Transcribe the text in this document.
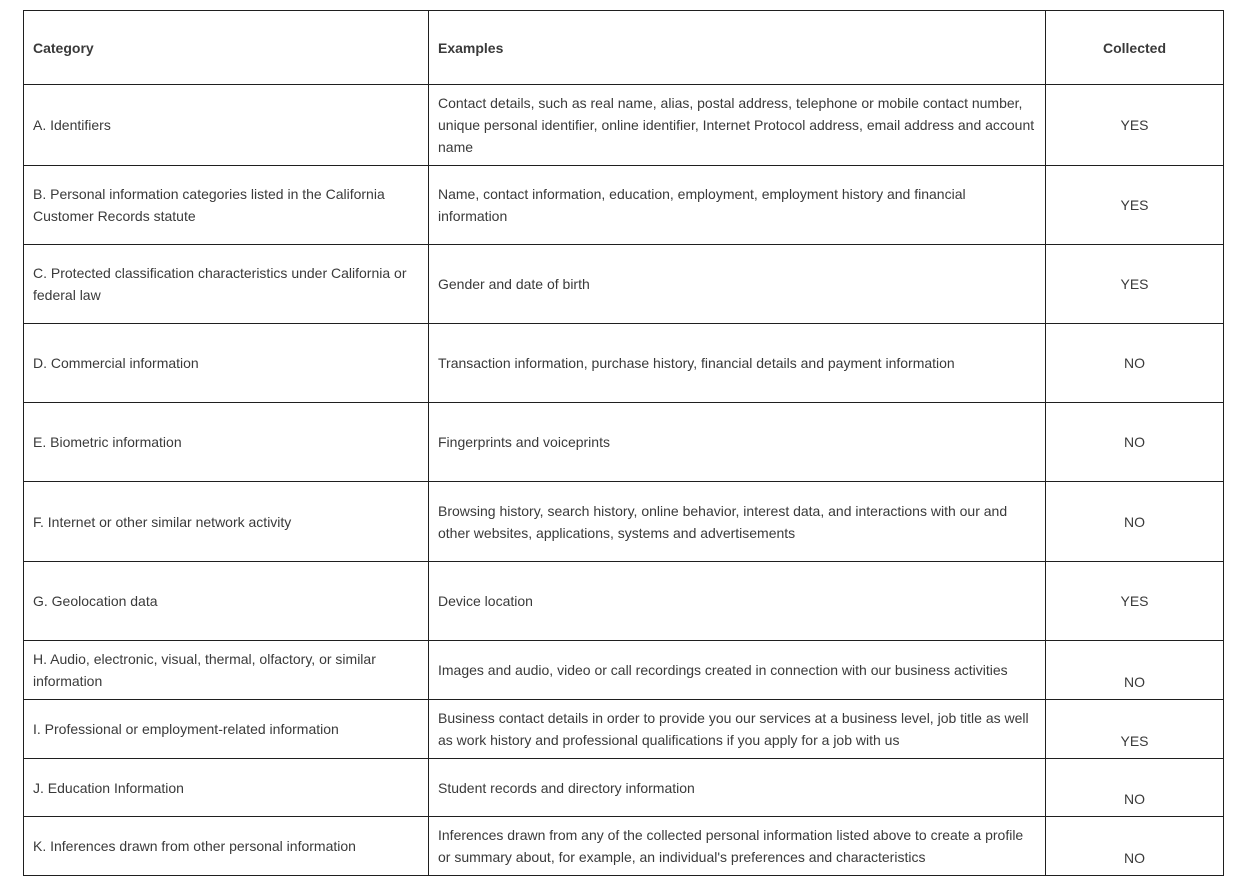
Category	Examples	Collected
A. Identifiers	Contact details, such as real name, alias, postal address, telephone or mobile contact number, unique personal identifier, online identifier, Internet Protocol address, email address and account name	YES
B. Personal information categories listed in the California Customer Records statute	Name, contact information, education, employment, employment history and financial information	YES
C. Protected classification characteristics under California or federal law	Gender and date of birth	YES
D. Commercial information	Transaction information, purchase history, financial details and payment information	NO
E. Biometric information	Fingerprints and voiceprints	NO
F. Internet or other similar network activity	Browsing history, search history, online behavior, interest data, and interactions with our and other websites, applications, systems and advertisements	NO
G. Geolocation data	Device location	YES
H. Audio, electronic, visual, thermal, olfactory, or similar information	Images and audio, video or call recordings created in connection with our business activities	NO
I. Professional or employment-related information	Business contact details in order to provide you our services at a business level, job title as well as work history and professional qualifications if you apply for a job with us	YES
J. Education Information	Student records and directory information	NO
K. Inferences drawn from other personal information	Inferences drawn from any of the collected personal information listed above to create a profile or summary about, for example, an individual's preferences and characteristics	NO
